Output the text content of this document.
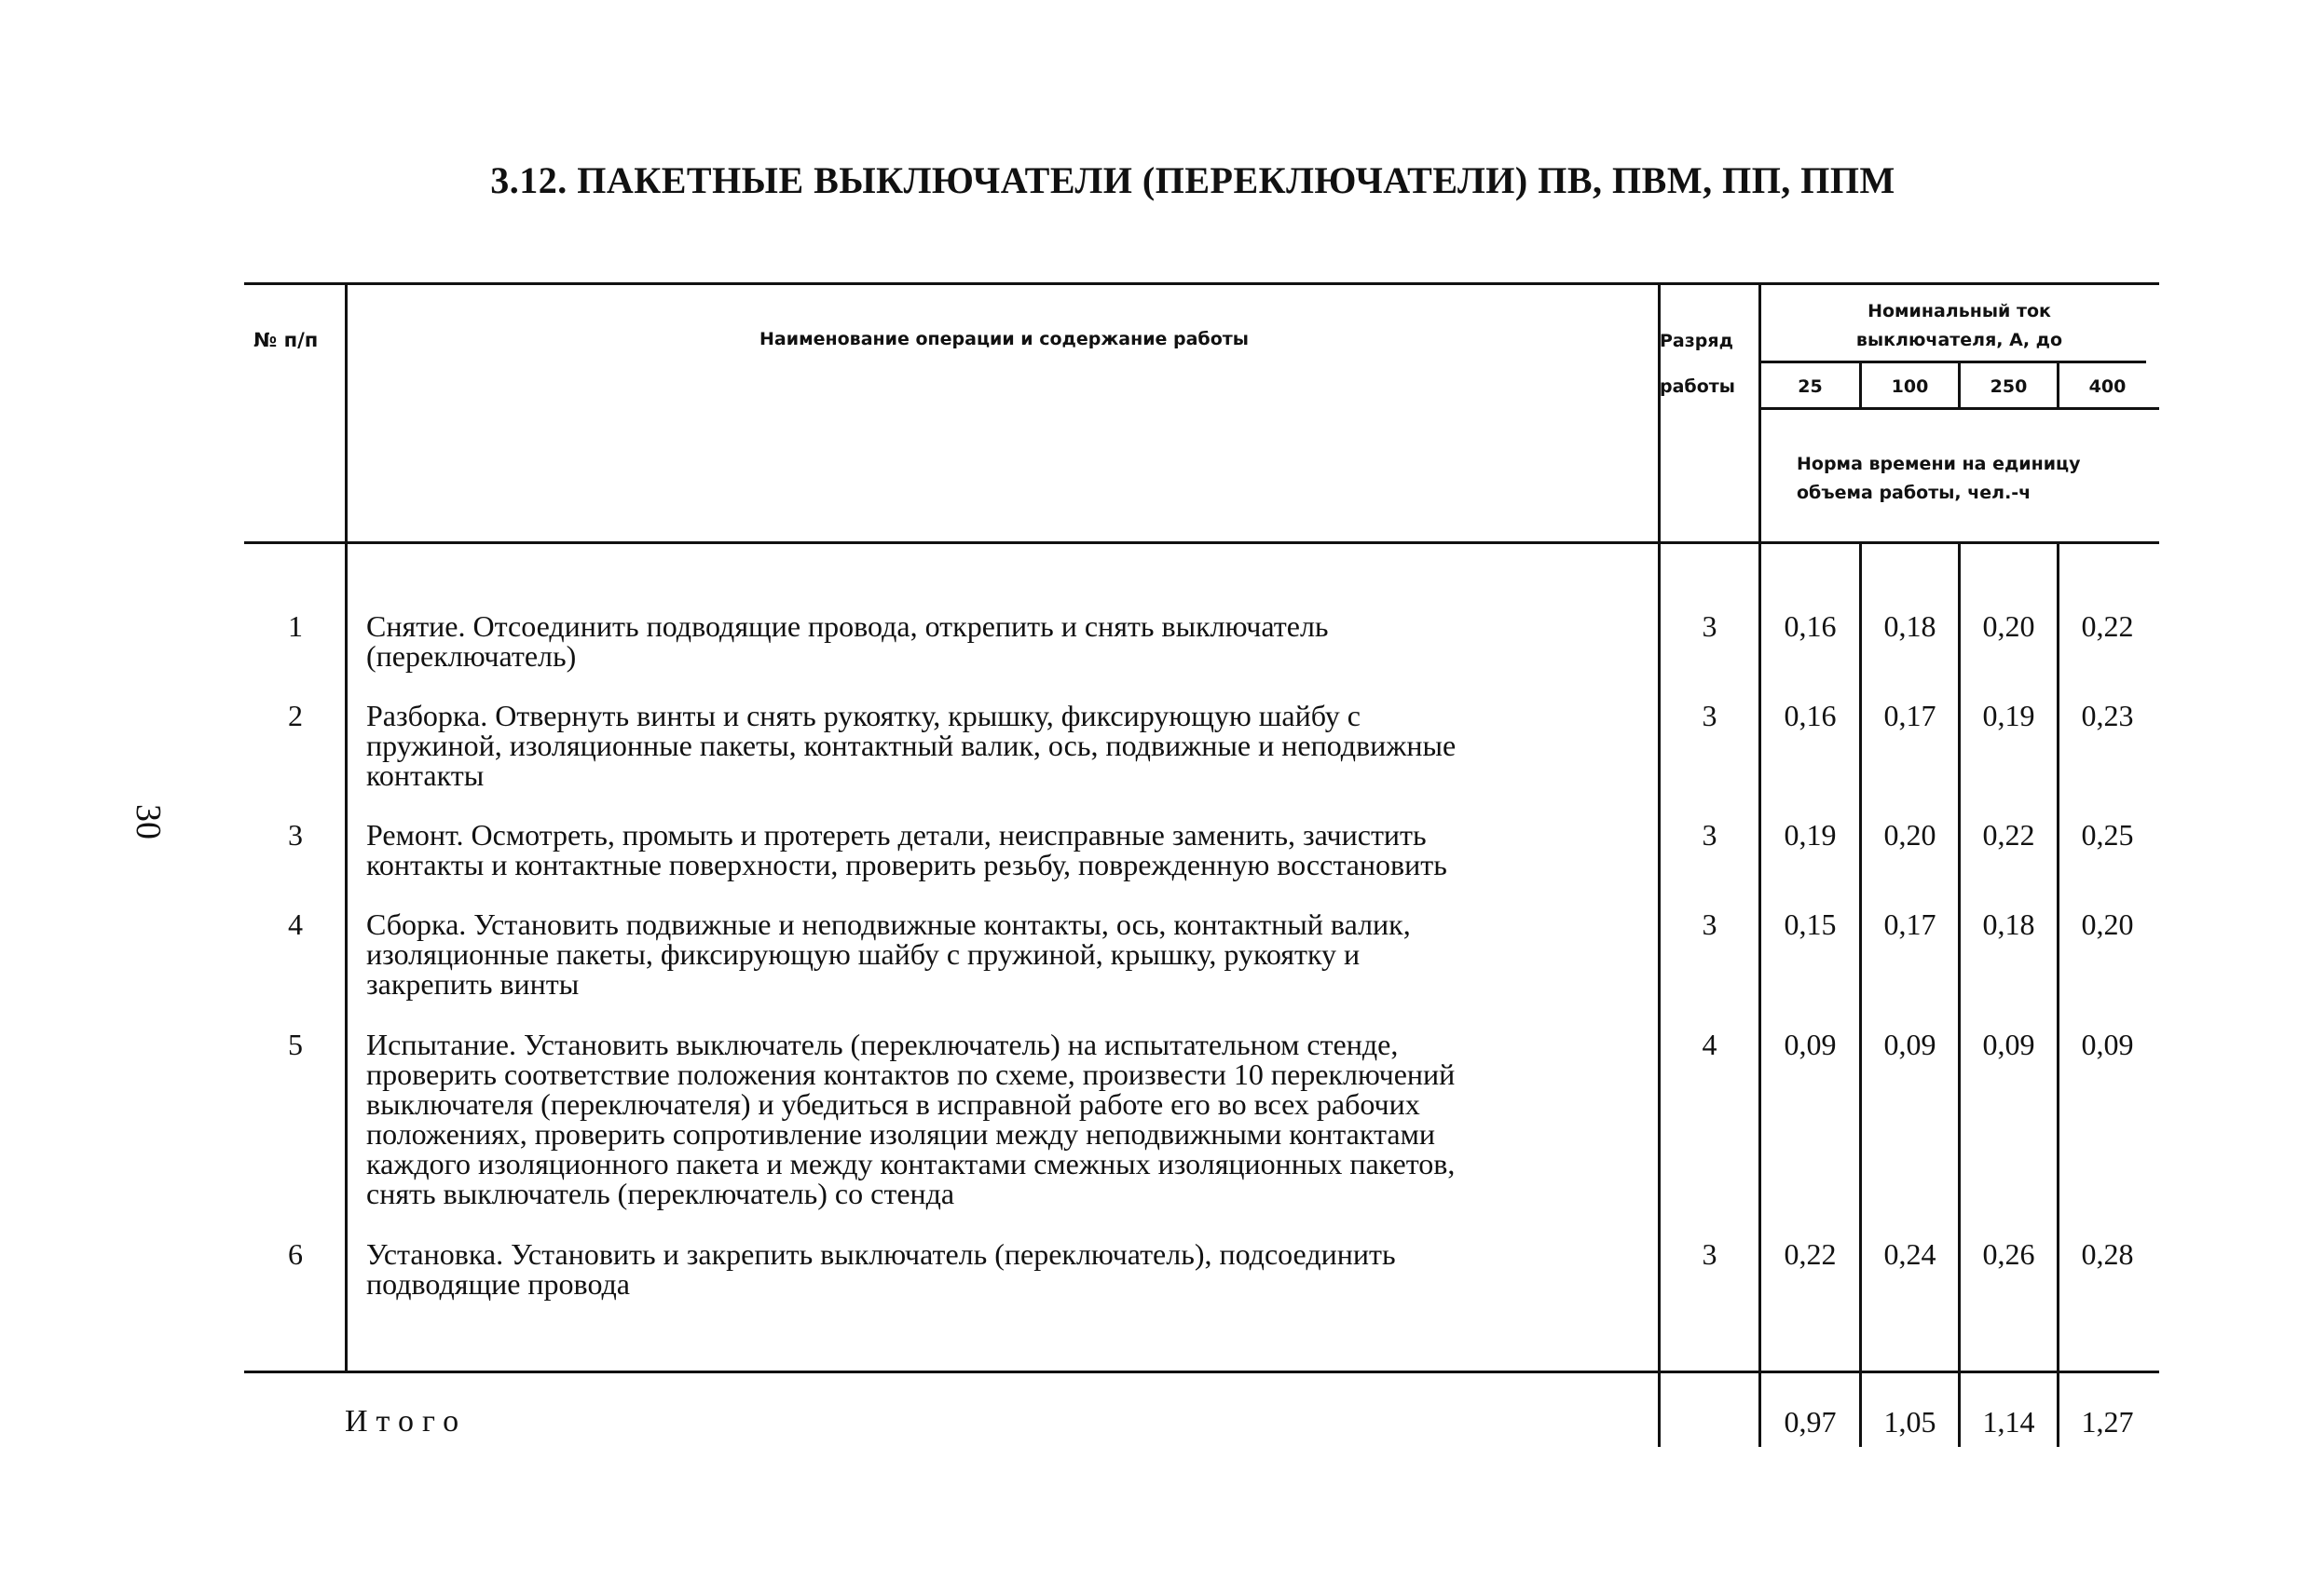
3.12. ПАКЕТНЫЕ ВЫКЛЮЧАТЕЛИ (ПЕРЕКЛЮЧАТЕЛИ) ПВ, ПВМ, ПП, ППМ
30
№ п/п	Наименование операции и содержание работы	Разряд
работы
Номинальный ток
выключателя, А, до
25	100	250	400
Норма времени на единицу
объема работы, чел.-ч
1	Снятие. Отсоединить подводящие провода, открепить и снять выключатель
(переключатель)
3	0,16	0,18	0,20	0,22
2	Разборка. Отвернуть винты и снять рукоятку, крышку, фиксирующую шайбу с
пружиной, изоляционные пакеты, контактный валик, ось, подвижные и неподвижные
контакты
3	0,16	0,17	0,19	0,23
3	Ремонт. Осмотреть, промыть и протереть детали, неисправные заменить, зачистить
контакты и контактные поверхности, проверить резьбу, поврежденную восстановить
3	0,19	0,20	0,22	0,25
4	Сборка. Установить подвижные и неподвижные контакты, ось, контактный валик,
изоляционные пакеты, фиксирующую шайбу с пружиной, крышку, рукоятку и
закрепить винты
3	0,15	0,17	0,18	0,20
5	Испытание. Установить выключатель (переключатель) на испытательном стенде,
проверить соответствие положения контактов по схеме, произвести 10 переключений
выключателя (переключателя) и убедиться в исправной работе его во всех рабочих
положениях, проверить сопротивление изоляции между неподвижными контактами
каждого изоляционного пакета и между контактами смежных изоляционных пакетов,
снять выключатель (переключатель) со стенда
4	0,09	0,09	0,09	0,09
6	Установка. Установить и закрепить выключатель (переключатель), подсоединить
подводящие провода
3	0,22	0,24	0,26	0,28
Итого	0,97	1,05	1,14	1,27
